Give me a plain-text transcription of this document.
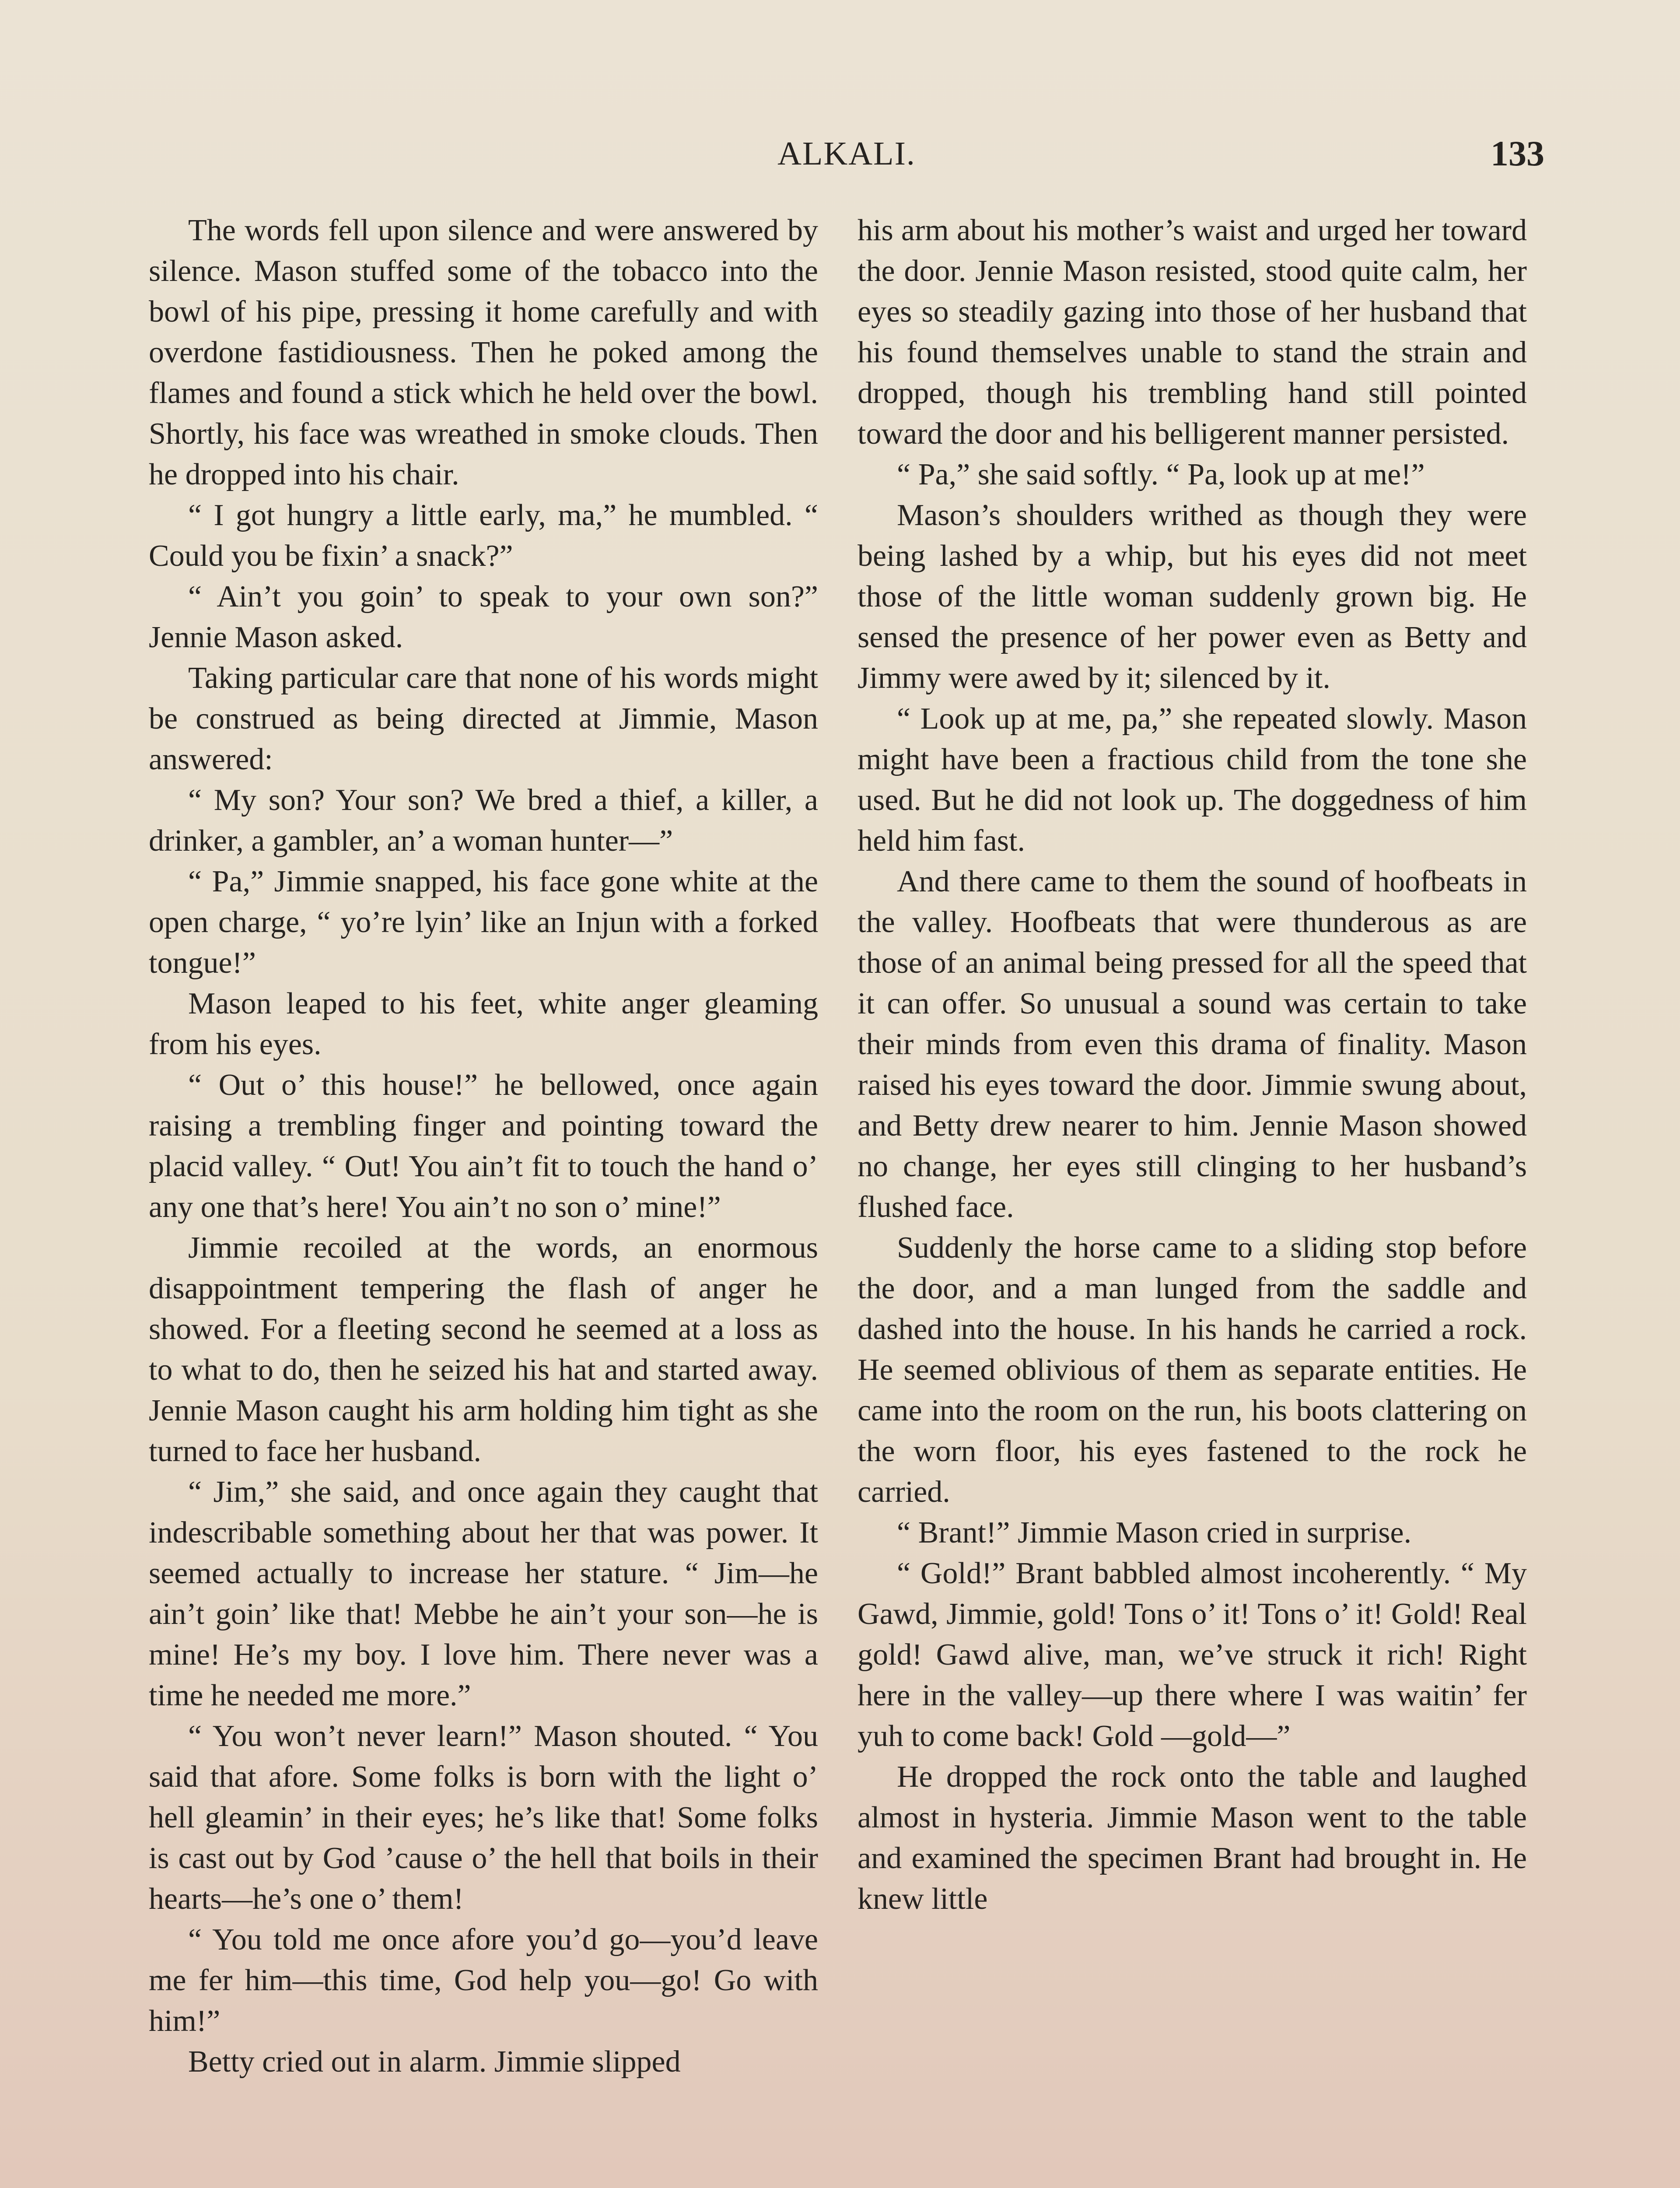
ALKALI.	133

The words fell upon silence and were answered by silence. Mason stuffed some of the tobacco into the bowl of his pipe, pressing it home carefully and with overdone fastidiousness. Then he poked among the flames and found a stick which he held over the bowl. Shortly, his face was wreathed in smoke clouds. Then he dropped into his chair.

“ I got hungry a little early, ma,” he mumbled. “ Could you be fixin’ a snack?”

“ Ain’t you goin’ to speak to your own son?” Jennie Mason asked.

Taking particular care that none of his words might be construed as being directed at Jimmie, Mason answered:

“ My son? Your son? We bred a thief, a killer, a drinker, a gambler, an’ a woman hunter—”

“ Pa,” Jimmie snapped, his face gone white at the open charge, “ yo’re lyin’ like an Injun with a forked tongue!”

Mason leaped to his feet, white anger gleaming from his eyes.

“ Out o’ this house!” he bellowed, once again raising a trembling finger and pointing toward the placid valley. “ Out! You ain’t fit to touch the hand o’ any one that’s here! You ain’t no son o’ mine!”

Jimmie recoiled at the words, an enormous disappointment tempering the flash of anger he showed. For a fleeting second he seemed at a loss as to what to do, then he seized his hat and started away. Jennie Mason caught his arm holding him tight as she turned to face her husband.

“ Jim,” she said, and once again they caught that indescribable something about her that was power. It seemed actually to increase her stature. “ Jim—he ain’t goin’ like that! Mebbe he ain’t your son—he is mine! He’s my boy. I love him. There never was a time he needed me more.”

“ You won’t never learn!” Mason shouted. “ You said that afore. Some folks is born with the light o’ hell gleamin’ in their eyes; he’s like that! Some folks is cast out by God ’cause o’ the hell that boils in their hearts—he’s one o’ them!

“ You told me once afore you’d go—you’d leave me fer him—this time, God help you—go! Go with him!”

Betty cried out in alarm. Jimmie slipped

his arm about his mother’s waist and urged her toward the door. Jennie Mason resisted, stood quite calm, her eyes so steadily gazing into those of her husband that his found themselves unable to stand the strain and dropped, though his trembling hand still pointed toward the door and his belligerent manner persisted.

“ Pa,” she said softly. “ Pa, look up at me!”

Mason’s shoulders writhed as though they were being lashed by a whip, but his eyes did not meet those of the little woman suddenly grown big. He sensed the presence of her power even as Betty and Jimmy were awed by it; silenced by it.

“ Look up at me, pa,” she repeated slowly. Mason might have been a fractious child from the tone she used. But he did not look up. The doggedness of him held him fast.

And there came to them the sound of hoofbeats in the valley. Hoofbeats that were thunderous as are those of an animal being pressed for all the speed that it can offer. So unusual a sound was certain to take their minds from even this drama of finality. Mason raised his eyes toward the door. Jimmie swung about, and Betty drew nearer to him. Jennie Mason showed no change, her eyes still clinging to her husband’s flushed face.

Suddenly the horse came to a sliding stop before the door, and a man lunged from the saddle and dashed into the house. In his hands he carried a rock. He seemed oblivious of them as separate entities. He came into the room on the run, his boots clattering on the worn floor, his eyes fastened to the rock he carried.

“ Brant!” Jimmie Mason cried in surprise.

“ Gold!” Brant babbled almost incoherently. “ My Gawd, Jimmie, gold! Tons o’ it! Tons o’ it! Gold! Real gold! Gawd alive, man, we’ve struck it rich! Right here in the valley—up there where I was waitin’ fer yuh to come back! Gold —gold—”

He dropped the rock onto the table and laughed almost in hysteria. Jimmie Mason went to the table and examined the specimen Brant had brought in. He knew little
